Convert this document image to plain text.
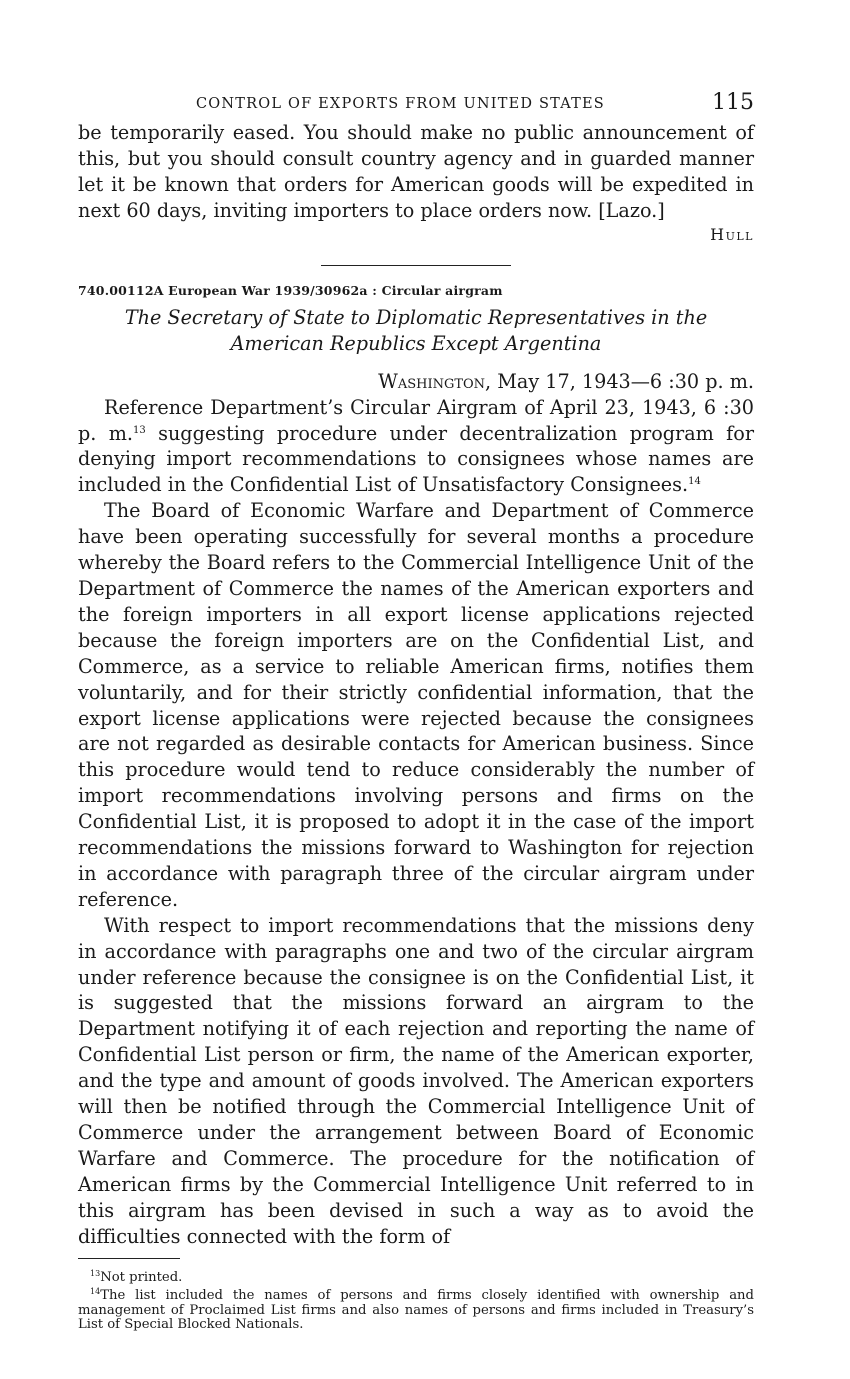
CONTROL OF EXPORTS FROM UNITED STATES	115

be temporarily eased. You should make no public announcement of this, but you should consult country agency and in guarded manner let it be known that orders for American goods will be expedited in next 60 days, inviting importers to place orders now. [Lazo.]

Hull
740.00112A European War 1939/30962a : Circular airgram
The Secretary of State to Diplomatic Representatives in the American Republics Except Argentina
Washington, May 17, 1943—6 :30 p. m.

Reference Department’s Circular Airgram of April 23, 1943, 6 :30 p. m.$^{13}$ suggesting procedure under decentralization program for denying import recommendations to consignees whose names are included in the Confidential List of Unsatisfactory Consignees.$^{14}$

The Board of Economic Warfare and Department of Commerce have been operating successfully for several months a procedure whereby the Board refers to the Commercial Intelligence Unit of the Department of Commerce the names of the American exporters and the foreign importers in all export license applications rejected because the foreign importers are on the Confidential List, and Commerce, as a service to reliable American firms, notifies them voluntarily, and for their strictly confidential information, that the export license applications were rejected because the consignees are not regarded as desirable contacts for American business. Since this procedure would tend to reduce considerably the number of import recommendations involving persons and firms on the Confidential List, it is proposed to adopt it in the case of the import recommendations the missions forward to Washington for rejection in accordance with paragraph three of the circular airgram under reference.

With respect to import recommendations that the missions deny in accordance with paragraphs one and two of the circular airgram under reference because the consignee is on the Confidential List, it is suggested that the missions forward an airgram to the Department notifying it of each rejection and reporting the name of Confidential List person or firm, the name of the American exporter, and the type and amount of goods involved. The American exporters will then be notified through the Commercial Intelligence Unit of Commerce under the arrangement between Board of Economic Warfare and Commerce. The procedure for the notification of American firms by the Commercial Intelligence Unit referred to in this airgram has been devised in such a way as to avoid the difficulties connected with the form of

$^{13}$Not printed.

$^{14}$The list included the names of persons and firms closely identified with ownership and management of Proclaimed List firms and also names of persons and firms included in Treasury’s List of Special Blocked Nationals.
